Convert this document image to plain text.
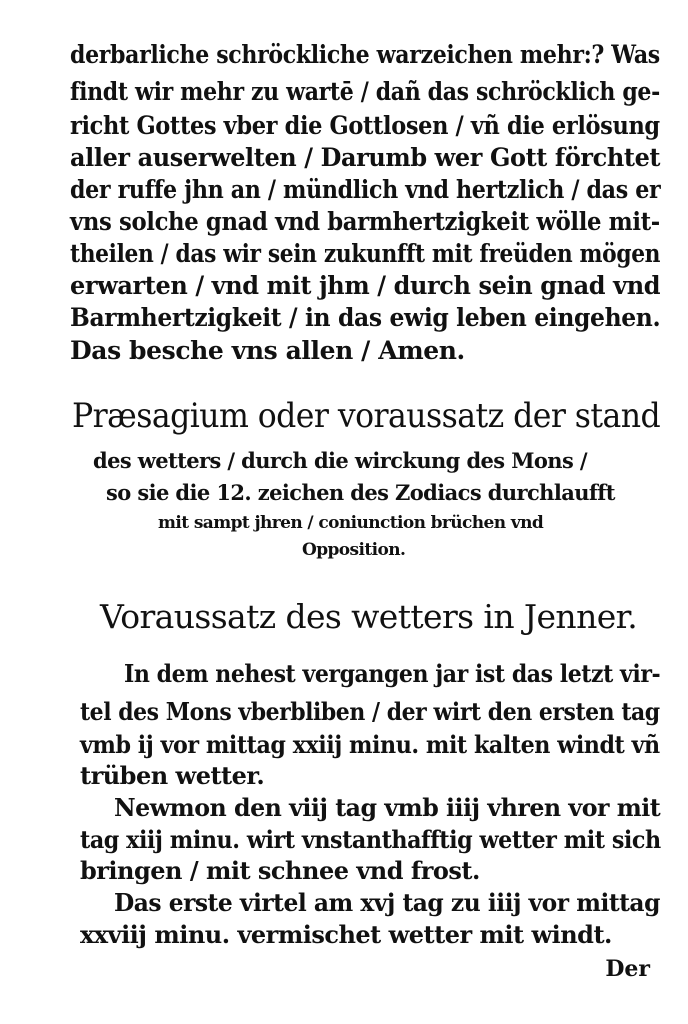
derbarliche schröckliche warzeichen mehr:? Was
findt wir mehr zu wartē / dañ das schröcklich ge-
richt Gottes vber die Gottlosen / vñ die erlösung
aller auserwelten / Darumb wer Gott förchtet
der ruffe jhn an / mündlich vnd hertzlich / das er
vns solche gnad vnd barmhertzigkeit wölle mit-
theilen / das wir sein zukunfft mit freüden mögen
erwarten / vnd mit jhm / durch sein gnad vnd
Barmhertzigkeit / in das ewig leben eingehen.
Das besche vns allen / Amen.
Præsagium oder voraussatz der stand
des wetters / durch die wirckung des Mons /
so sie die 12. zeichen des Zodiacs durchlaufft
mit sampt jhren / coniunction brüchen vnd
Opposition.
Voraussatz des wetters in Jenner.
In dem nehest vergangen jar ist das letzt vir-
tel des Mons vberbliben / der wirt den ersten tag
vmb ij vor mittag xxiij minu. mit kalten windt vñ
trüben wetter.
Newmon den viij tag vmb iiij vhren vor mit
tag xiij minu. wirt vnstanthafftig wetter mit sich
bringen / mit schnee vnd frost.
Das erste virtel am xvj tag zu iiij vor mittag
xxviij minu. vermischet wetter mit windt.
Der
